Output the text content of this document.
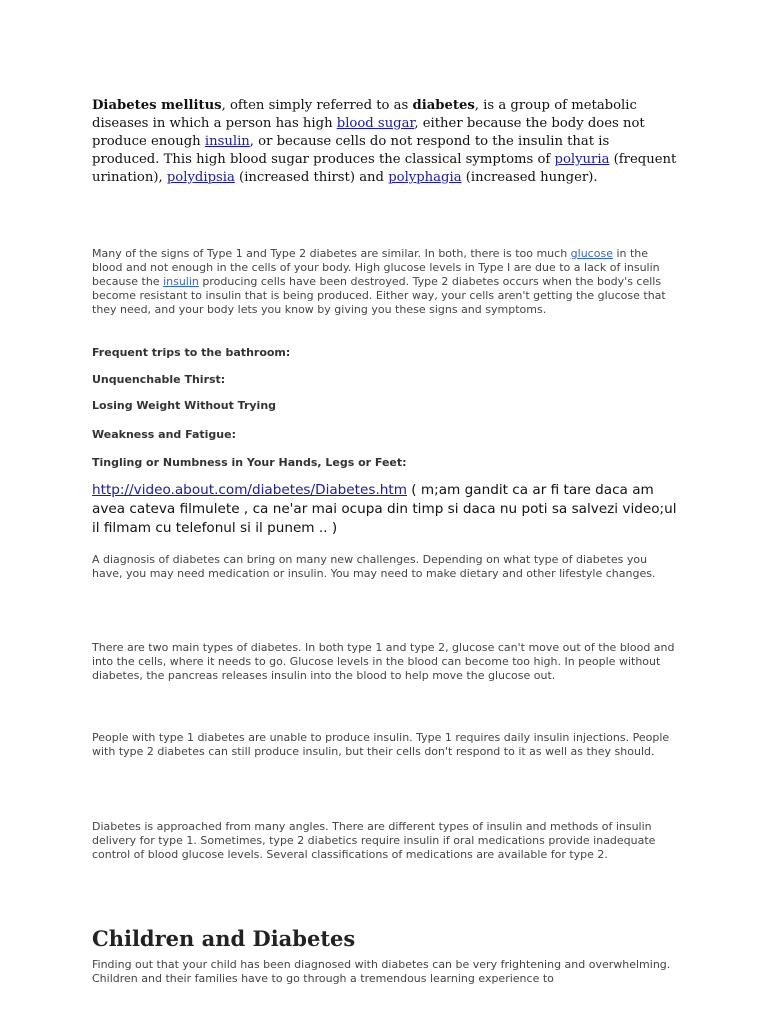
Diabetes mellitus, often simply referred to as diabetes, is a group of metabolic diseases in which a person has high blood sugar, either because the body does not produce enough insulin, or because cells do not respond to the insulin that is produced. This high blood sugar produces the classical symptoms of polyuria (frequent urination), polydipsia (increased thirst) and polyphagia (increased hunger).

Many of the signs of Type 1 and Type 2 diabetes are similar. In both, there is too much glucose in the blood and not enough in the cells of your body. High glucose levels in Type I are due to a lack of insulin because the insulin producing cells have been destroyed. Type 2 diabetes occurs when the body's cells become resistant to insulin that is being produced. Either way, your cells aren't getting the glucose that they need, and your body lets you know by giving you these signs and symptoms.

Frequent trips to the bathroom:

Unquenchable Thirst:

Losing Weight Without Trying

Weakness and Fatigue:

Tingling or Numbness in Your Hands, Legs or Feet:

http://video.about.com/diabetes/Diabetes.htm ( m;am gandit ca ar fi tare daca am avea cateva filmulete , ca ne'ar mai ocupa din timp si daca nu poti sa salvezi video;ul il filmam cu telefonul si il punem .. )

A diagnosis of diabetes can bring on many new challenges. Depending on what type of diabetes you have, you may need medication or insulin. You may need to make dietary and other lifestyle changes.

There are two main types of diabetes. In both type 1 and type 2, glucose can't move out of the blood and into the cells, where it needs to go. Glucose levels in the blood can become too high. In people without diabetes, the pancreas releases insulin into the blood to help move the glucose out.

People with type 1 diabetes are unable to produce insulin. Type 1 requires daily insulin injections. People with type 2 diabetes can still produce insulin, but their cells don't respond to it as well as they should.

Diabetes is approached from many angles. There are different types of insulin and methods of insulin delivery for type 1. Sometimes, type 2 diabetics require insulin if oral medications provide inadequate control of blood glucose levels. Several classifications of medications are available for type 2.

Children and Diabetes

Finding out that your child has been diagnosed with diabetes can be very frightening and overwhelming. Children and their families have to go through a tremendous learning experience to
